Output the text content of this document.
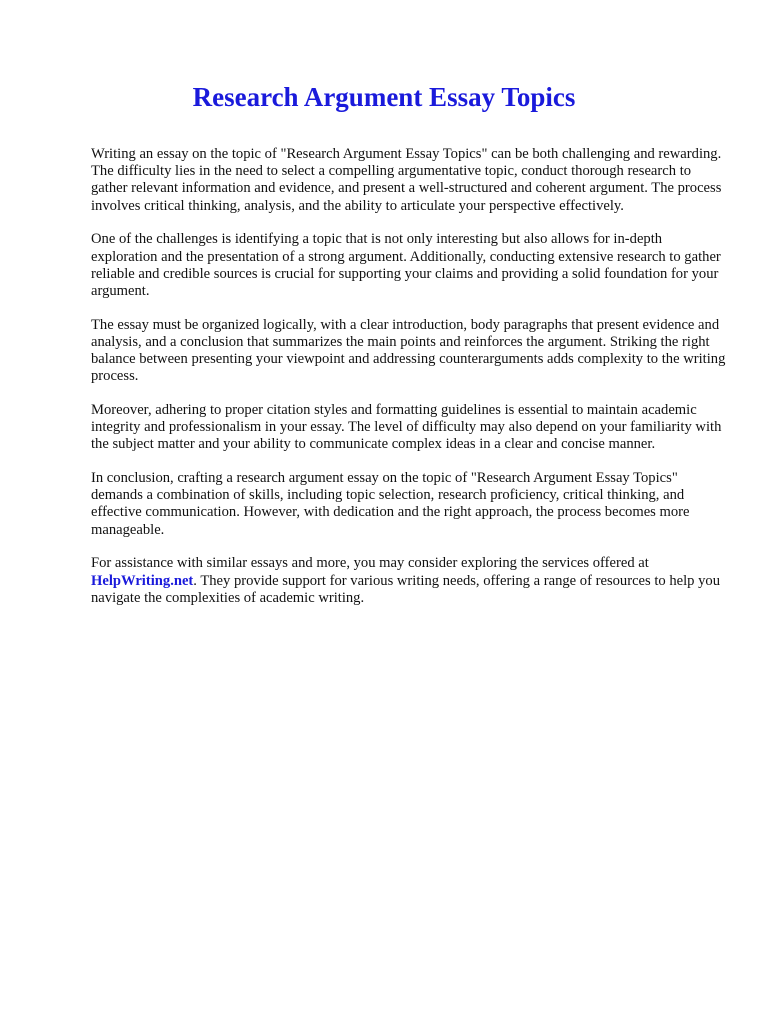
Research Argument Essay Topics

Writing an essay on the topic of "Research Argument Essay Topics" can be both challenging and rewarding. The difficulty lies in the need to select a compelling argumentative topic, conduct thorough research to gather relevant information and evidence, and present a well-structured and coherent argument. The process involves critical thinking, analysis, and the ability to articulate your perspective effectively.

One of the challenges is identifying a topic that is not only interesting but also allows for in-depth exploration and the presentation of a strong argument. Additionally, conducting extensive research to gather reliable and credible sources is crucial for supporting your claims and providing a solid foundation for your argument.

The essay must be organized logically, with a clear introduction, body paragraphs that present evidence and analysis, and a conclusion that summarizes the main points and reinforces the argument. Striking the right balance between presenting your viewpoint and addressing counterarguments adds complexity to the writing process.

Moreover, adhering to proper citation styles and formatting guidelines is essential to maintain academic integrity and professionalism in your essay. The level of difficulty may also depend on your familiarity with the subject matter and your ability to communicate complex ideas in a clear and concise manner.

In conclusion, crafting a research argument essay on the topic of "Research Argument Essay Topics" demands a combination of skills, including topic selection, research proficiency, critical thinking, and effective communication. However, with dedication and the right approach, the process becomes more manageable.

For assistance with similar essays and more, you may consider exploring the services offered at HelpWriting.net. They provide support for various writing needs, offering a range of resources to help you navigate the complexities of academic writing.
